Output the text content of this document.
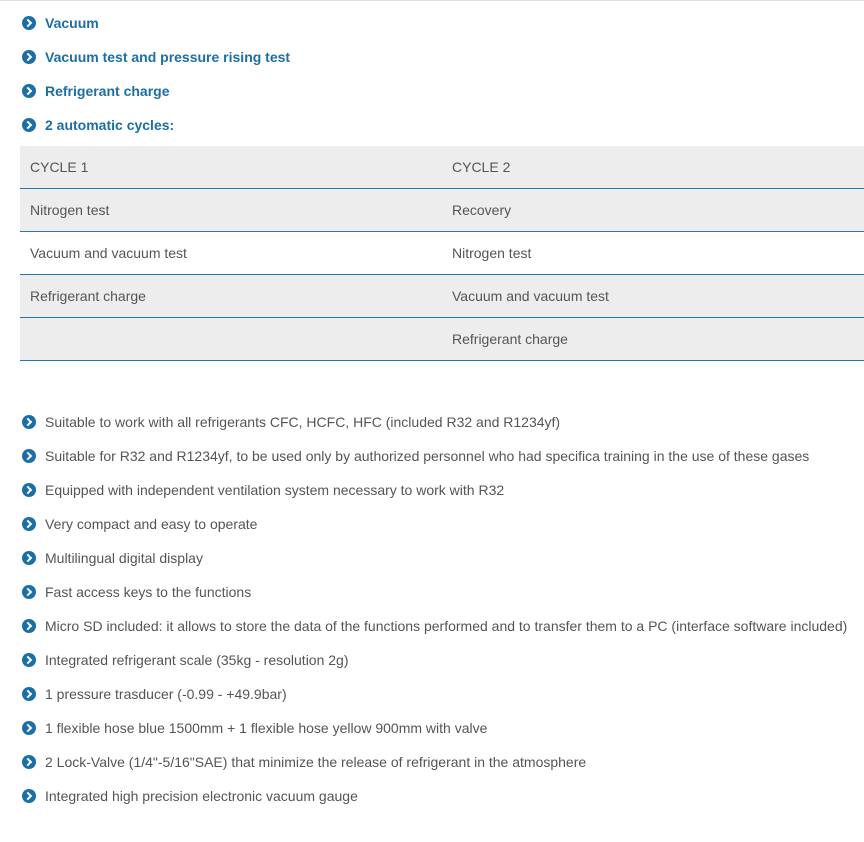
Vacuum
Vacuum test and pressure rising test
Refrigerant charge
2 automatic cycles:
CYCLE 1	CYCLE 2
Nitrogen test	Recovery
Vacuum and vacuum test	Nitrogen test
Refrigerant charge	Vacuum and vacuum test
	Refrigerant charge
Suitable to work with all refrigerants CFC, HCFC, HFC (included R32 and R1234yf)
Suitable for R32 and R1234yf, to be used only by authorized personnel who had specifica training in the use of these gases
Equipped with independent ventilation system necessary to work with R32
Very compact and easy to operate
Multilingual digital display
Fast access keys to the functions
Micro SD included: it allows to store the data of the functions performed and to transfer them to a PC (interface software included)
Integrated refrigerant scale (35kg - resolution 2g)
1 pressure trasducer (-0.99 - +49.9bar)
1 flexible hose blue 1500mm + 1 flexible hose yellow 900mm with valve
2 Lock-Valve (1/4"-5/16"SAE) that minimize the release of refrigerant in the atmosphere
Integrated high precision electronic vacuum gauge
